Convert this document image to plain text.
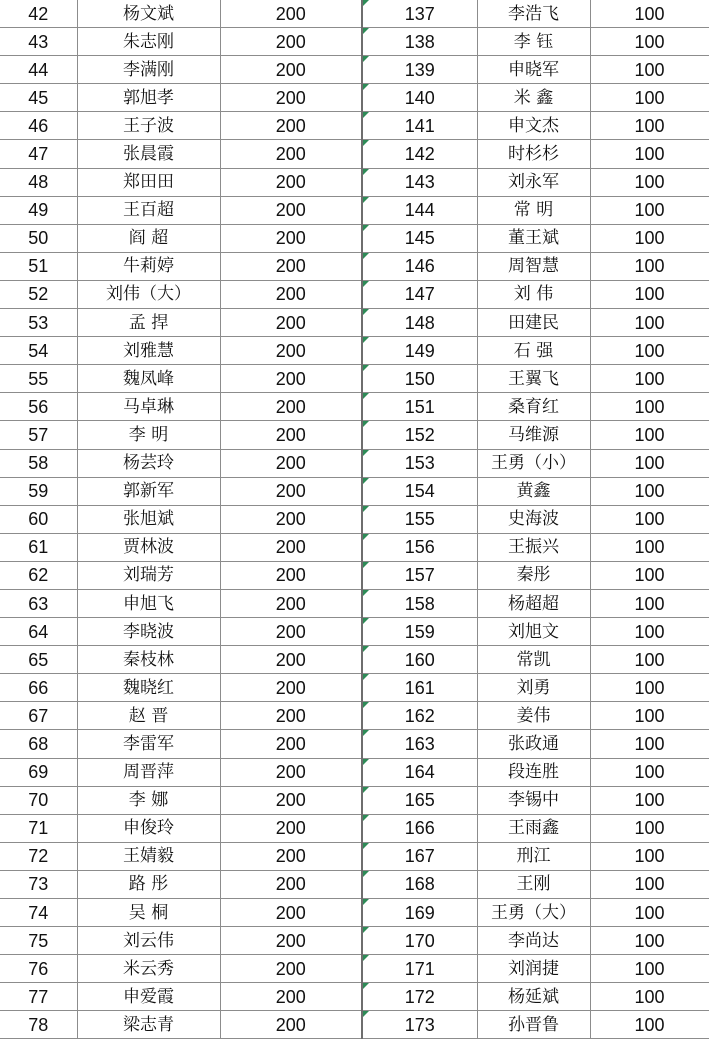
42	杨文斌	200	137	李浩飞	100
43	朱志刚	200	138	李 钰	100
44	李满刚	200	139	申晓军	100
45	郭旭孝	200	140	米 鑫	100
46	王子波	200	141	申文杰	100
47	张晨霞	200	142	时杉杉	100
48	郑田田	200	143	刘永军	100
49	王百超	200	144	常 明	100
50	阎 超	200	145	董王斌	100
51	牛莉婷	200	146	周智慧	100
52	刘伟（大）	200	147	刘 伟	100
53	孟 捍	200	148	田建民	100
54	刘雅慧	200	149	石 强	100
55	魏凤峰	200	150	王翼飞	100
56	马卓琳	200	151	桑育红	100
57	李 明	200	152	马维源	100
58	杨芸玲	200	153	王勇（小）	100
59	郭新军	200	154	黄鑫	100
60	张旭斌	200	155	史海波	100
61	贾林波	200	156	王振兴	100
62	刘瑞芳	200	157	秦彤	100
63	申旭飞	200	158	杨超超	100
64	李晓波	200	159	刘旭文	100
65	秦枝林	200	160	常凯	100
66	魏晓红	200	161	刘勇	100
67	赵 晋	200	162	姜伟	100
68	李雷军	200	163	张政通	100
69	周晋萍	200	164	段连胜	100
70	李 娜	200	165	李锡中	100
71	申俊玲	200	166	王雨鑫	100
72	王婧毅	200	167	刑江	100
73	路 彤	200	168	王刚	100
74	吴 桐	200	169	王勇（大）	100
75	刘云伟	200	170	李尚达	100
76	米云秀	200	171	刘润捷	100
77	申爱霞	200	172	杨延斌	100
78	梁志青	200	173	孙晋鲁	100
